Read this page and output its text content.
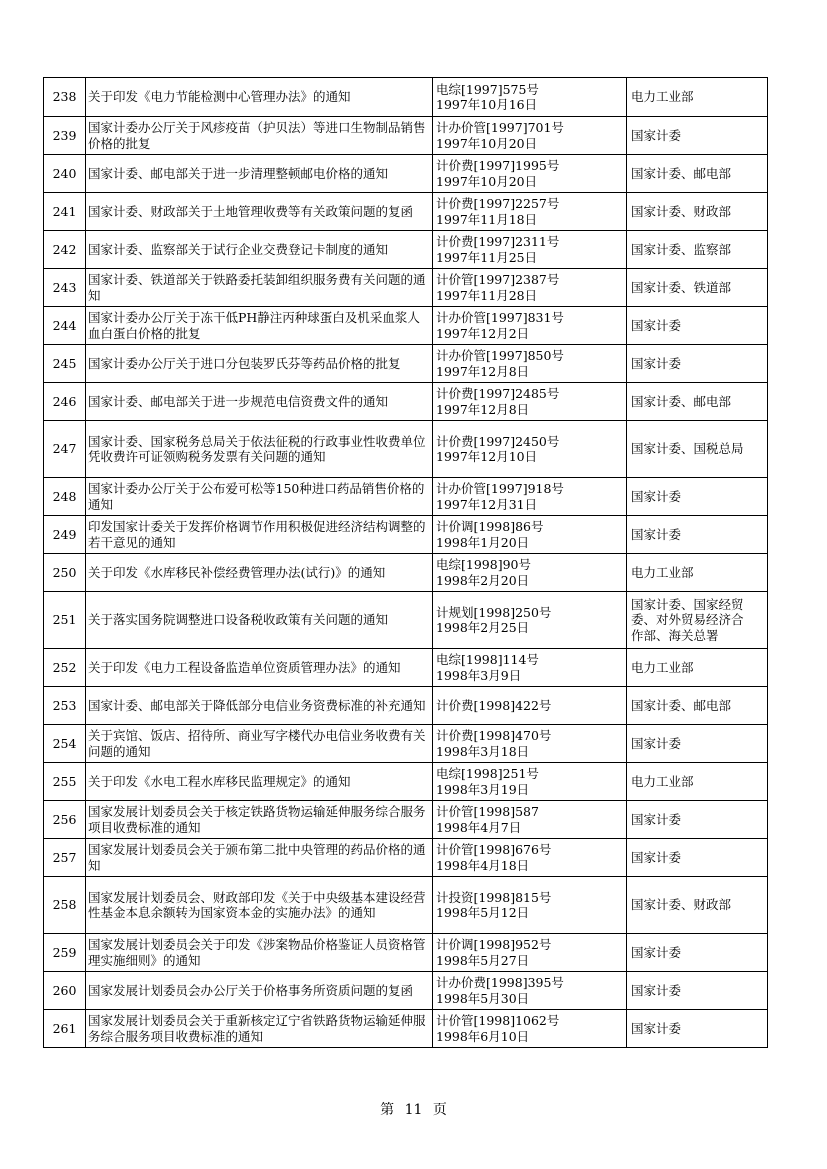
238	关于印发《电力节能检测中心管理办法》的通知	电综[1997]575号
1997年10月16日	电力工业部

239	国家计委办公厅关于风疹疫苗（护贝法）等进口生物制品销售价格的批复	计办价管[1997]701号
1997年10月20日	国家计委

240	国家计委、邮电部关于进一步清理整顿邮电价格的通知	计价费[1997]1995号
1997年10月20日	国家计委、邮电部

241	国家计委、财政部关于土地管理收费等有关政策问题的复函	计价费[1997]2257号
1997年11月18日	国家计委、财政部

242	国家计委、监察部关于试行企业交费登记卡制度的通知	计价费[1997]2311号
1997年11月25日	国家计委、监察部

243	国家计委、铁道部关于铁路委托装卸组织服务费有关问题的通知	计价管[1997]2387号
1997年11月28日	国家计委、铁道部

244	国家计委办公厅关于冻干低PH静注丙种球蛋白及机采血浆人血白蛋白价格的批复	计办价管[1997]831号
1997年12月2日	国家计委

245	国家计委办公厅关于进口分包装罗氏芬等药品价格的批复	计办价管[1997]850号
1997年12月8日	国家计委

246	国家计委、邮电部关于进一步规范电信资费文件的通知	计价费[1997]2485号
1997年12月8日	国家计委、邮电部

247	国家计委、国家税务总局关于依法征税的行政事业性收费单位凭收费许可证领购税务发票有关问题的通知	计价费[1997]2450号
1997年12月10日	国家计委、国税总局

248	国家计委办公厅关于公布爱可松等150种进口药品销售价格的通知	计办价管[1997]918号
1997年12月31日	国家计委

249	印发国家计委关于发挥价格调节作用积极促进经济结构调整的若干意见的通知	计价调[1998]86号
1998年1月20日	国家计委

250	关于印发《水库移民补偿经费管理办法(试行)》的通知	电综[1998]90号
1998年2月20日	电力工业部

251	关于落实国务院调整进口设备税收政策有关问题的通知	计规划[1998]250号
1998年2月25日	国家计委、国家经贸
委、对外贸易经济合
作部、海关总署

252	关于印发《电力工程设备监造单位资质管理办法》的通知	电综[1998]114号
1998年3月9日	电力工业部

253	国家计委、邮电部关于降低部分电信业务资费标准的补充通知	计价费[1998]422号	国家计委、邮电部

254	关于宾馆、饭店、招待所、商业写字楼代办电信业务收费有关问题的通知	计价费[1998]470号
1998年3月18日	国家计委

255	关于印发《水电工程水库移民监理规定》的通知	电综[1998]251号
1998年3月19日	电力工业部

256	国家发展计划委员会关于核定铁路货物运输延伸服务综合服务项目收费标准的通知	计价管[1998]587
1998年4月7日	国家计委

257	国家发展计划委员会关于颁布第二批中央管理的药品价格的通知	计价管[1998]676号
1998年4月18日	国家计委

258	国家发展计划委员会、财政部印发《关于中央级基本建设经营性基金本息余额转为国家资本金的实施办法》的通知	计投资[1998]815号
1998年5月12日	国家计委、财政部

259	国家发展计划委员会关于印发《涉案物品价格鉴证人员资格管理实施细则》的通知	计价调[1998]952号
1998年5月27日	国家计委

260	国家发展计划委员会办公厅关于价格事务所资质问题的复函	计办价费[1998]395号
1998年5月30日	国家计委

261	国家发展计划委员会关于重新核定辽宁省铁路货物运输延伸服务综合服务项目收费标准的通知	计价管[1998]1062号
1998年6月10日	国家计委
第 11 页
